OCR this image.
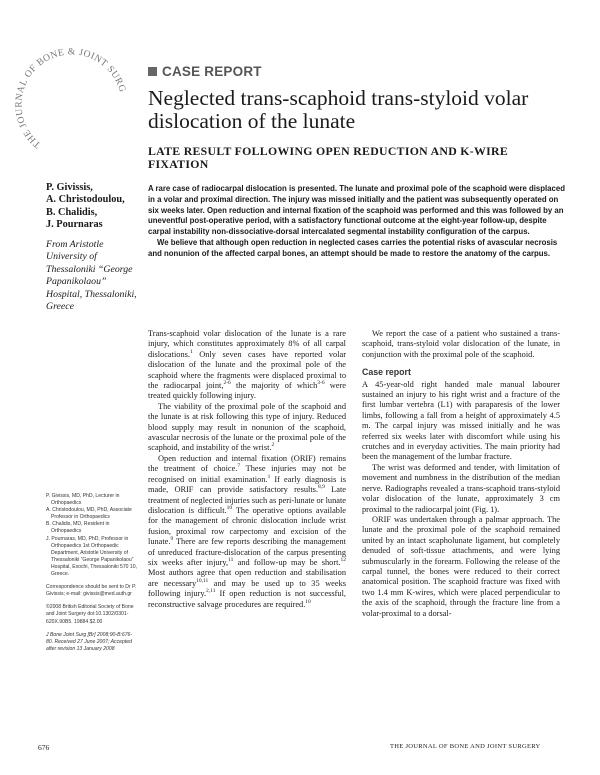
THE JOURNAL OF BONE & JOINT SURG
CASE REPORT
Neglected trans-scaphoid trans-styloid volar dislocation of the lunate
LATE RESULT FOLLOWING OPEN REDUCTION AND K-WIRE FIXATION
P. Givissis,
A. Christodoulou,
B. Chalidis,
J. Pournaras
From Aristotle University of Thessaloniki “George Papanikolaou” Hospital, Thessaloniki, Greece

A rare case of radiocarpal dislocation is presented. The lunate and proximal pole of the scaphoid were displaced in a volar and proximal direction. The injury was missed initially and the patient was subsequently operated on six weeks later. Open reduction and internal fixation of the scaphoid was performed and this was followed by an uneventful post-operative period, with a satisfactory functional outcome at the eight-year follow-up, despite carpal instability non-dissociative-dorsal intercalated segmental instability configuration of the carpus.

We believe that although open reduction in neglected cases carries the potential risks of avascular necrosis and nonunion of the affected carpal bones, an attempt should be made to restore the anatomy of the carpus.

Trans-scaphoid volar dislocation of the lunate is a rare injury, which constitutes approximately 8% of all carpal dislocations.$^1$ Only seven cases have reported volar dislocation of the lunate and the proximal pole of the scaphoid where the fragments were displaced proximal to the radiocarpal joint,$^{2-6}$ the majority of which$^{3-6}$ were treated quickly following injury.

The viability of the proximal pole of the scaphoid and the lunate is at risk following this type of injury. Reduced blood supply may result in nonunion of the scaphoid, avascular necrosis of the lunate or the proximal pole of the scaphoid, and instability of the wrist.$^2$

Open reduction and internal fixation (ORIF) remains the treatment of choice.$^7$ These injuries may not be recognised on initial examination.$^1$ If early diagnosis is made, ORIF can provide satisfactory results.$^{8,9}$ Late treatment of neglected injuries such as peri-lunate or lunate dislocation is difficult.$^{10}$ The operative options available for the management of chronic dislocation include wrist fusion, proximal row carpectomy and excision of the lunate.$^9$ There are few reports describing the management of unreduced fracture-dislocation of the carpus presenting six weeks after injury,$^{11}$ and follow-up may be short.$^{12}$ Most authors agree that open reduction and stabilisation are necessary$^{10,11}$ and may be used up to 35 weeks following injury.$^{2,11}$ If open reduction is not successful, reconstructive salvage procedures are required.$^{10}$

We report the case of a patient who sustained a trans-scaphoid, trans-styloid volar dislocation of the lunate, in conjunction with the proximal pole of the scaphoid.

Case report

A 45-year-old right handed male manual labourer sustained an injury to his right wrist and a fracture of the first lumbar vertebra (L1) with paraparesis of the lower limbs, following a fall from a height of approximately 4.5 m. The carpal injury was missed initially and he was referred six weeks later with discomfort while using his crutches and in everyday activities. The main priority had been the management of the lumbar fracture.

The wrist was deformed and tender, with limitation of movement and numbness in the distribution of the median nerve. Radiographs revealed a trans-scaphoid trans-styloid volar dislocation of the lunate, approximately 3 cm proximal to the radiocarpal joint (Fig. 1).

ORIF was undertaken through a palmar approach. The lunate and the proximal pole of the scaphoid remained united by an intact scapholunate ligament, but completely denuded of soft-tissue attachments, and were lying submuscularly in the forearm. Following the release of the carpal tunnel, the bones were reduced to their correct anatomical position. The scaphoid fracture was fixed with two 1.4 mm K-wires, which were placed perpendicular to the axis of the scaphoid, through the fracture line from a volar-proximal to a dorsal-

P. Givissis, MD, PhD, Lecturer in Orthopaedics
A. Christodoulou, MD, PhD, Associate Professor in Orthopaedics
B. Chalidis, MD, Resident in Orthopaedics
J. Pournaras, MD, PhD, Professor in Orthopaedics 1st Orthopaedic Department, Aristotle University of Thessaloniki “George Papanikolaou” Hospital, Exochi, Thessaloniki 570 10, Greece.

Correspondence should be sent to Dr P. Givissis; e-mail: givissis@med.auth.gr

©2008 British Editorial Society of Bone and Joint Surgery doi:10.1302/0301-620X.90B5. 19884 $2.00

J Bone Joint Surg [Br] 2008;90-B:676-80. Received 27 June 2007; Accepted after revision 13 January 2008

676	THE JOURNAL OF BONE AND JOINT SURGERY
